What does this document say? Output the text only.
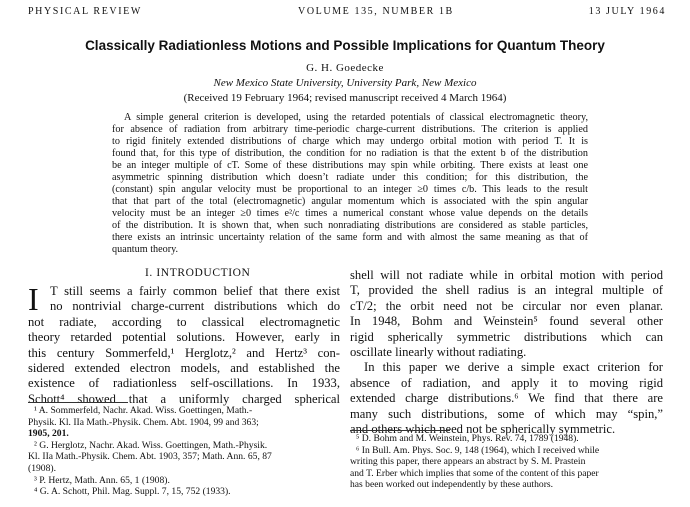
PHYSICAL REVIEW	VOLUME 135, NUMBER 1B	13 JULY 1964
Classically Radiationless Motions and Possible Implications for Quantum Theory
G. H. Goedecke
New Mexico State University, University Park, New Mexico
(Received 19 February 1964; revised manuscript received 4 March 1964)
A simple general criterion is developed, using the retarded potentials of classical electromagnetic theory,
for absence of radiation from arbitrary time-periodic charge-current distributions. The criterion is applied
to rigid finitely extended distributions of charge which may undergo orbital motion with period T. It is
found that, for this type of distribution, the condition for no radiation is that the extent b of the distribution
be an integer multiple of cT. Some of these distributions may spin while orbiting. There exists at least one
asymmetric spinning distribution which doesn’t radiate under this condition; for this distribution, the
(constant) spin angular velocity must be proportional to an integer ≥0 times c/b. This leads to the result
that that part of the total (electromagnetic) angular momentum which is associated with the spin angular
velocity must be an integer ≥0 times e²/c times a numerical constant whose value depends on the details
of the distribution. It is shown that, when such nonradiating distributions are considered as stable particles,
there exists an intrinsic uncertainty relation of the same form and with almost the same meaning as that of
quantum theory.
I. INTRODUCTION
I T still seems a fairly common belief that there exist
no nontrivial charge-current distributions which do
not radiate, according to classical electromagnetic
theory retarded potential solutions. However, early in
this century Sommerfeld,¹ Herglotz,² and Hertz³ con-
sidered extended electron models, and established the
existence of radiationless self-oscillations. In 1933,
Schott⁴ showed that a uniformly charged spherical
shell will not radiate while in orbital motion with period
T, provided the shell radius is an integral multiple of
cT/2; the orbit need not be circular nor even planar.
In 1948, Bohm and Weinstein⁵ found several other
rigid spherically symmetric distributions which can
oscillate linearly without radiating.
In this paper we derive a simple exact criterion for
absence of radiation, and apply it to moving rigid
extended charge distributions.⁶ We find that there are
many such distributions, some of which may “spin,”
and others which need not be spherically symmetric.
¹ A. Sommerfeld, Nachr. Akad. Wiss. Goettingen, Math.-
Physik. Kl. IIa Math.-Physik. Chem. Abt. 1904, 99 and 363;
1905, 201.
² G. Herglotz, Nachr. Akad. Wiss. Goettingen, Math.-Physik.
Kl. IIa Math.-Physik. Chem. Abt. 1903, 357; Math. Ann. 65, 87
(1908).
³ P. Hertz, Math. Ann. 65, 1 (1908).
⁴ G. A. Schott, Phil. Mag. Suppl. 7, 15, 752 (1933).
⁵ D. Bohm and M. Weinstein, Phys. Rev. 74, 1789 (1948).
⁶ In Bull. Am. Phys. Soc. 9, 148 (1964), which I received while
writing this paper, there appears an abstract by S. M. Prastein
and T. Erber which implies that some of the content of this paper
has been worked out independently by these authors.
